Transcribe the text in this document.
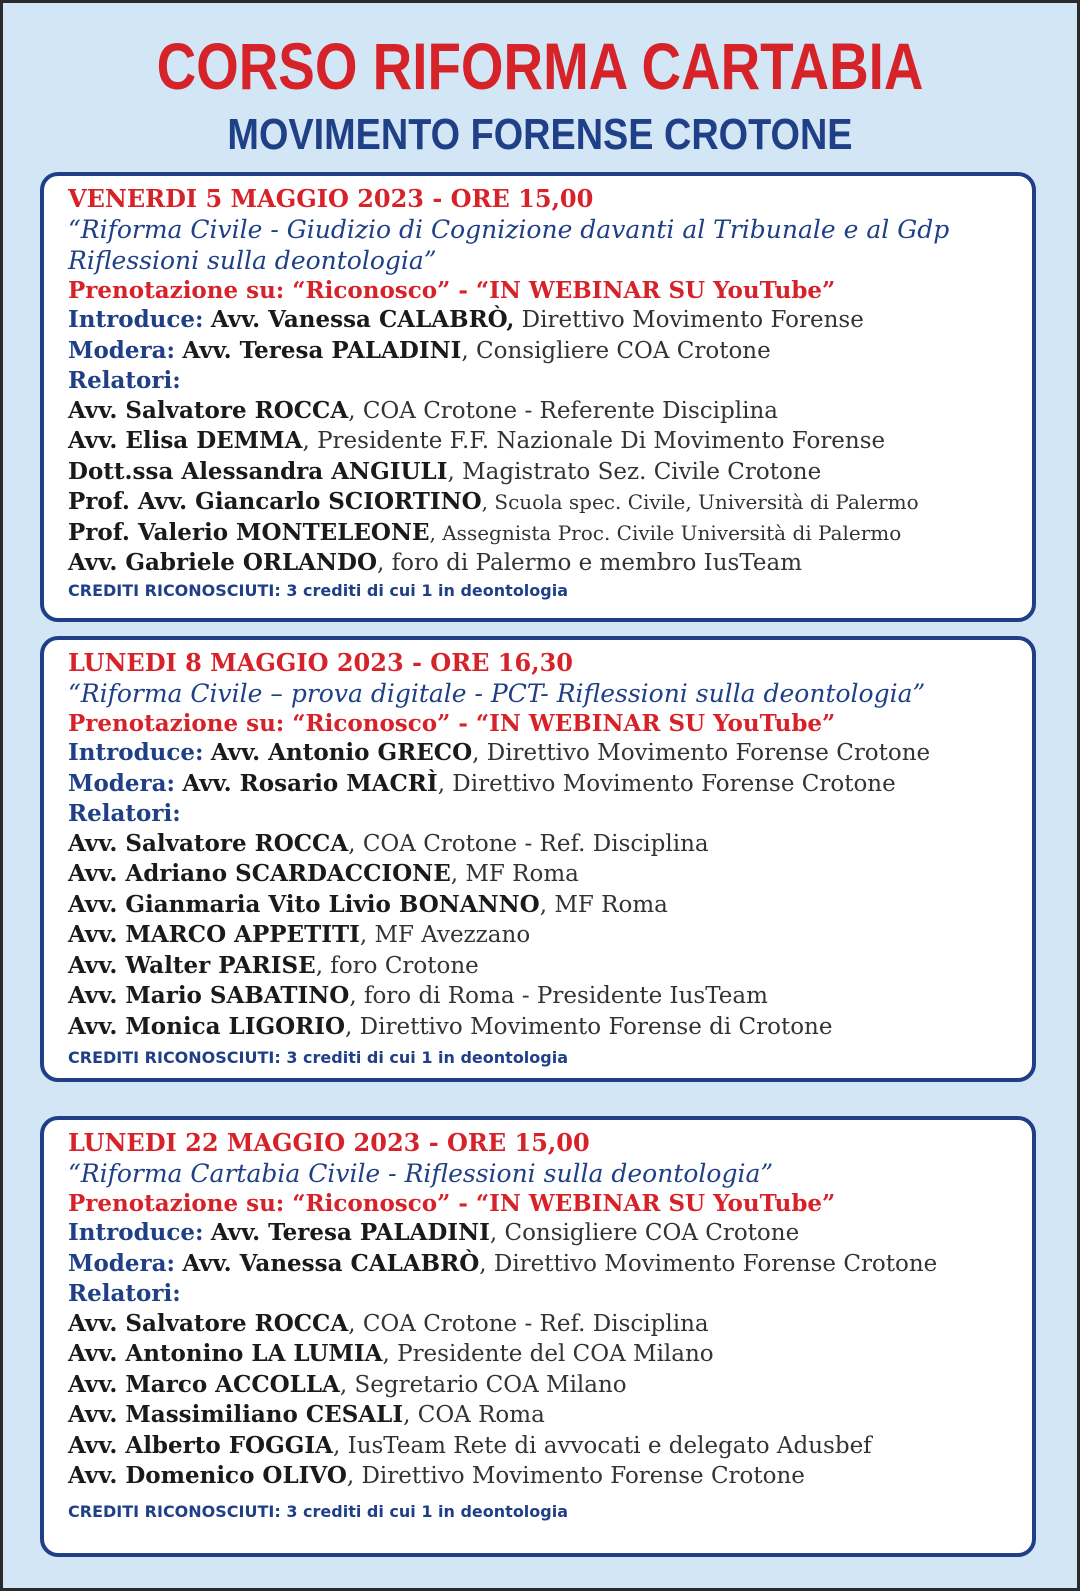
CORSO RIFORMA CARTABIA
MOVIMENTO FORENSE CROTONE
VENERDI 5 MAGGIO 2023 - ORE 15,00
“Riforma Civile - Giudizio di Cognizione davanti al Tribunale e al Gdp
Riflessioni sulla deontologia”
Prenotazione su: “Riconosco” - “IN WEBINAR SU YouTube”
Introduce: Avv. Vanessa CALABRÒ, Direttivo Movimento Forense
Modera: Avv. Teresa PALADINI, Consigliere COA Crotone
Relatori:
Avv. Salvatore ROCCA, COA Crotone - Referente Disciplina
Avv. Elisa DEMMA, Presidente F.F. Nazionale Di Movimento Forense
Dott.ssa Alessandra ANGIULI, Magistrato Sez. Civile Crotone
Prof. Avv. Giancarlo SCIORTINO, Scuola spec. Civile, Università di Palermo
Prof. Valerio MONTELEONE, Assegnista Proc. Civile Università di Palermo
Avv. Gabriele ORLANDO, foro di Palermo e membro IusTeam
CREDITI RICONOSCIUTI: 3 crediti di cui 1 in deontologia
LUNEDI 8 MAGGIO 2023 - ORE 16,30
“Riforma Civile – prova digitale - PCT- Riflessioni sulla deontologia”
Prenotazione su: “Riconosco” - “IN WEBINAR SU YouTube”
Introduce: Avv. Antonio GRECO, Direttivo Movimento Forense Crotone
Modera: Avv. Rosario MACRÌ, Direttivo Movimento Forense Crotone
Relatori:
Avv. Salvatore ROCCA, COA Crotone - Ref. Disciplina
Avv. Adriano SCARDACCIONE, MF Roma
Avv. Gianmaria Vito Livio BONANNO, MF Roma
Avv. MARCO APPETITI, MF Avezzano
Avv. Walter PARISE, foro Crotone
Avv. Mario SABATINO, foro di Roma - Presidente IusTeam
Avv. Monica LIGORIO, Direttivo Movimento Forense di Crotone
CREDITI RICONOSCIUTI: 3 crediti di cui 1 in deontologia
LUNEDI 22 MAGGIO 2023 - ORE 15,00
“Riforma Cartabia Civile - Riflessioni sulla deontologia”
Prenotazione su: “Riconosco” - “IN WEBINAR SU YouTube”
Introduce: Avv. Teresa PALADINI, Consigliere COA Crotone
Modera: Avv. Vanessa CALABRÒ, Direttivo Movimento Forense Crotone
Relatori:
Avv. Salvatore ROCCA, COA Crotone - Ref. Disciplina
Avv. Antonino LA LUMIA, Presidente del COA Milano
Avv. Marco ACCOLLA, Segretario COA Milano
Avv. Massimiliano CESALI, COA Roma
Avv. Alberto FOGGIA, IusTeam Rete di avvocati e delegato Adusbef
Avv. Domenico OLIVO, Direttivo Movimento Forense Crotone
CREDITI RICONOSCIUTI: 3 crediti di cui 1 in deontologia
